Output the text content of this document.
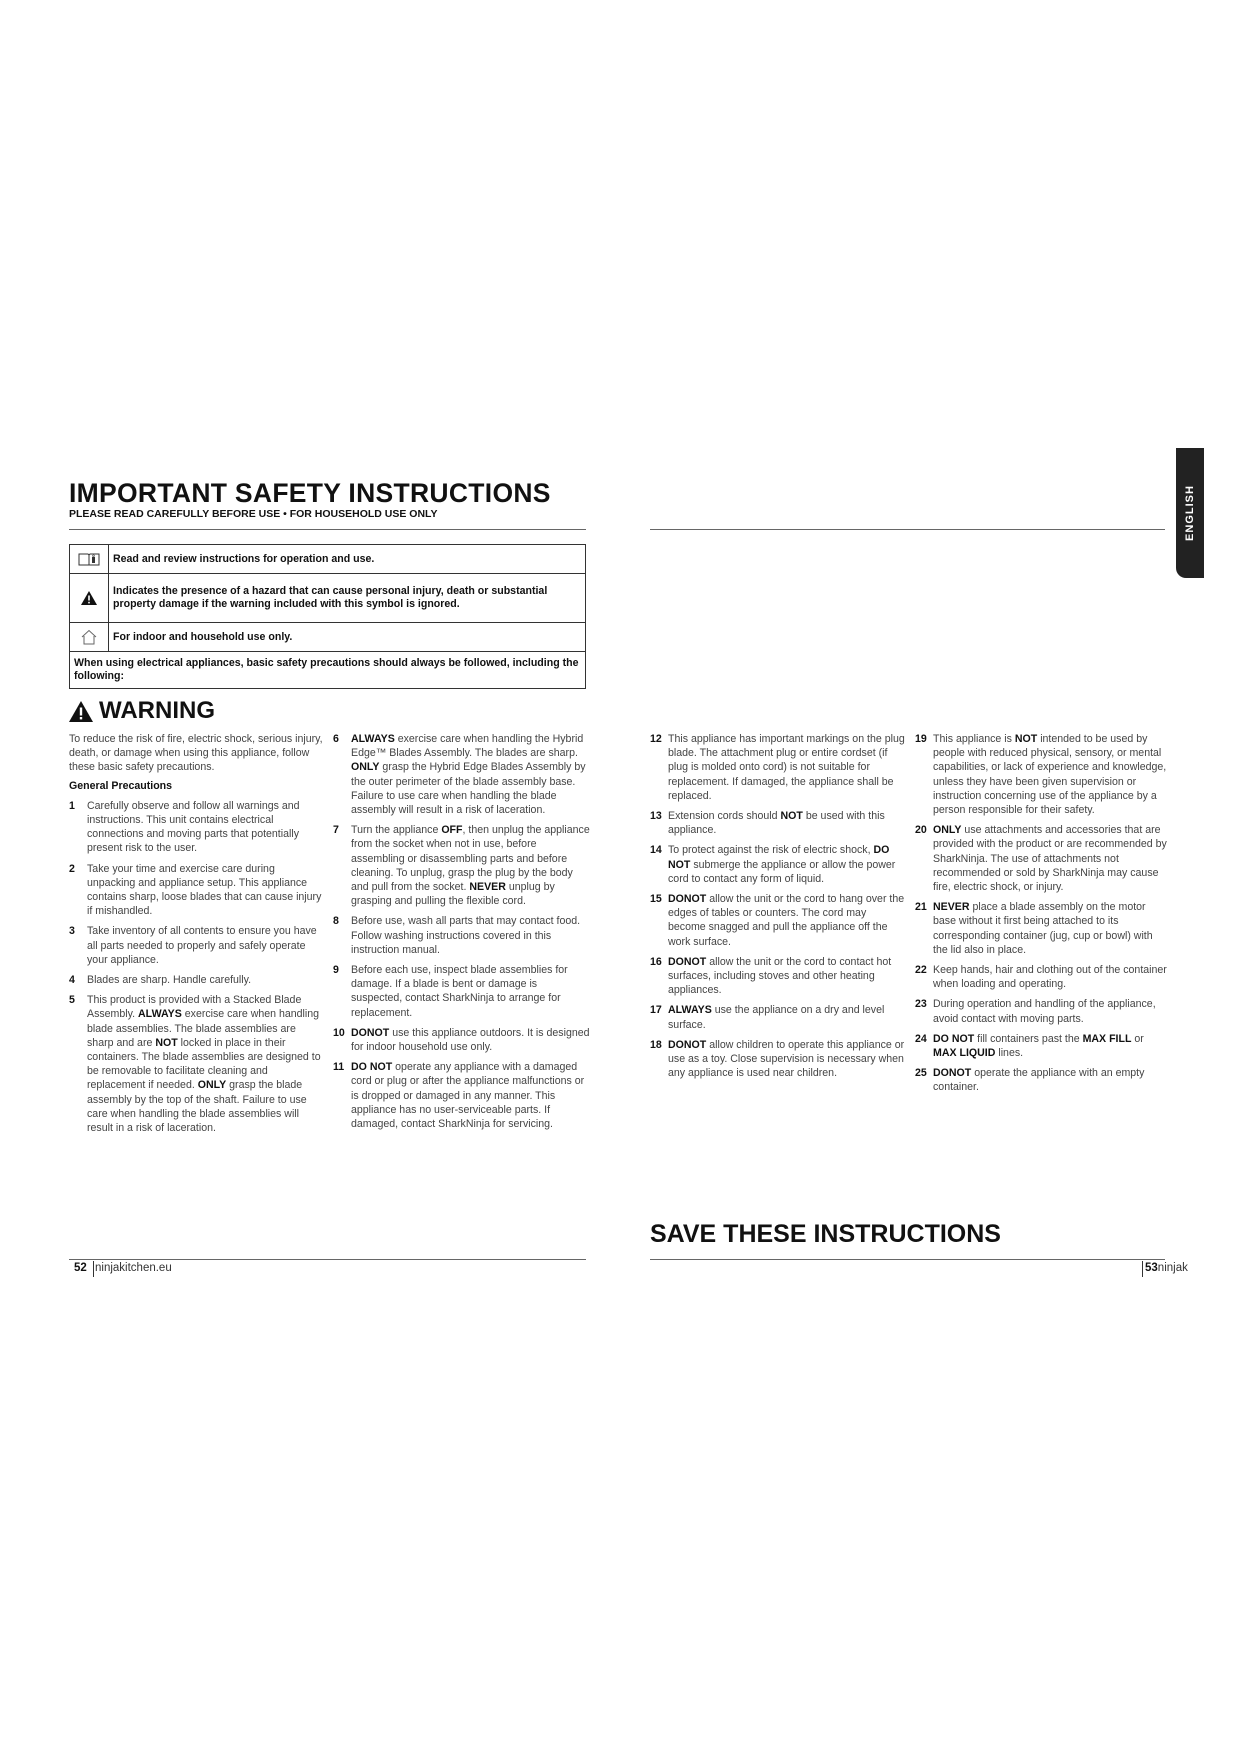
IMPORTANT SAFETY INSTRUCTIONS
PLEASE READ CAREFULLY BEFORE USE • FOR HOUSEHOLD USE ONLY	ENGLISH
Read and review instructions for operation and use.
Indicates the presence of a hazard that can cause personal injury, death or substantial property damage if the warning included with this symbol is ignored.
For indoor and household use only.
When using electrical appliances, basic safety precautions should always be followed, including the following:
WARNING

To reduce the risk of fire, electric shock, serious injury, death, or damage when using this appliance, follow these basic safety precautions.

General Precautions

1	Carefully observe and follow all warnings and instructions. This unit contains electrical connections and moving parts that potentially present risk to the user.

2	Take your time and exercise care during unpacking and appliance setup. This appliance contains sharp, loose blades that can cause injury if mishandled.

3	Take inventory of all contents to ensure you have all parts needed to properly and safely operate your appliance.

4	Blades are sharp. Handle carefully.

5	This product is provided with a Stacked Blade Assembly. ALWAYS exercise care when handling blade assemblies. The blade assemblies are sharp and are NOT locked in place in their containers. The blade assemblies are designed to be removable to facilitate cleaning and replacement if needed. ONLY grasp the blade assembly by the top of the shaft. Failure to use care when handling the blade assemblies will result in a risk of laceration.

6	ALWAYS exercise care when handling the Hybrid Edge™ Blades Assembly. The blades are sharp. ONLY grasp the Hybrid Edge Blades Assembly by the outer perimeter of the blade assembly base. Failure to use care when handling the blade assembly will result in a risk of laceration.

7	Turn the appliance OFF, then unplug the appliance from the socket when not in use, before assembling or disassembling parts and before cleaning. To unplug, grasp the plug by the body and pull from the socket. NEVER unplug by grasping and pulling the flexible cord.

8	Before use, wash all parts that may contact food. Follow washing instructions covered in this instruction manual.

9	Before each use, inspect blade assemblies for damage. If a blade is bent or damage is suspected, contact SharkNinja to arrange for replacement.

10 DONOT use this appliance outdoors. It is designed for indoor household use only.

11 DO NOT operate any appliance with a damaged cord or plug or after the appliance malfunctions or is dropped or damaged in any manner. This appliance has no user-serviceable parts. If damaged, contact SharkNinja for servicing.

12 This appliance has important markings on the plug blade. The attachment plug or entire cordset (if plug is molded onto cord) is not suitable for replacement. If damaged, the appliance shall be replaced.

13 Extension cords should NOT be used with this appliance.

14 To protect against the risk of electric shock, DO NOT submerge the appliance or allow the power cord to contact any form of liquid.

15 DONOT allow the unit or the cord to hang over the edges of tables or counters. The cord may become snagged and pull the appliance off the work surface.

16 DONOT allow the unit or the cord to contact hot surfaces, including stoves and other heating appliances.

17 ALWAYS use the appliance on a dry and level surface.

18 DONOT allow children to operate this appliance or use as a toy. Close supervision is necessary when any appliance is used near children.

19 This appliance is NOT intended to be used by people with reduced physical, sensory, or mental capabilities, or lack of experience and knowledge, unless they have been given supervision or instruction concerning use of the appliance by a person responsible for their safety.

20 ONLY use attachments and accessories that are provided with the product or are recommended by SharkNinja. The use of attachments not recommended or sold by SharkNinja may cause fire, electric shock, or injury.

21 NEVER place a blade assembly on the motor base without it first being attached to its corresponding container (jug, cup or bowl) with the lid also in place.

22 Keep hands, hair and clothing out of the container when loading and operating.

23 During operation and handling of the appliance, avoid contact with moving parts.

24 DO NOT fill containers past the MAX FILL or MAX LIQUID lines.

25 DONOT operate the appliance with an empty container.

SAVE THESE INSTRUCTIONS
52 ninjakitchen.eu	53ninjak
